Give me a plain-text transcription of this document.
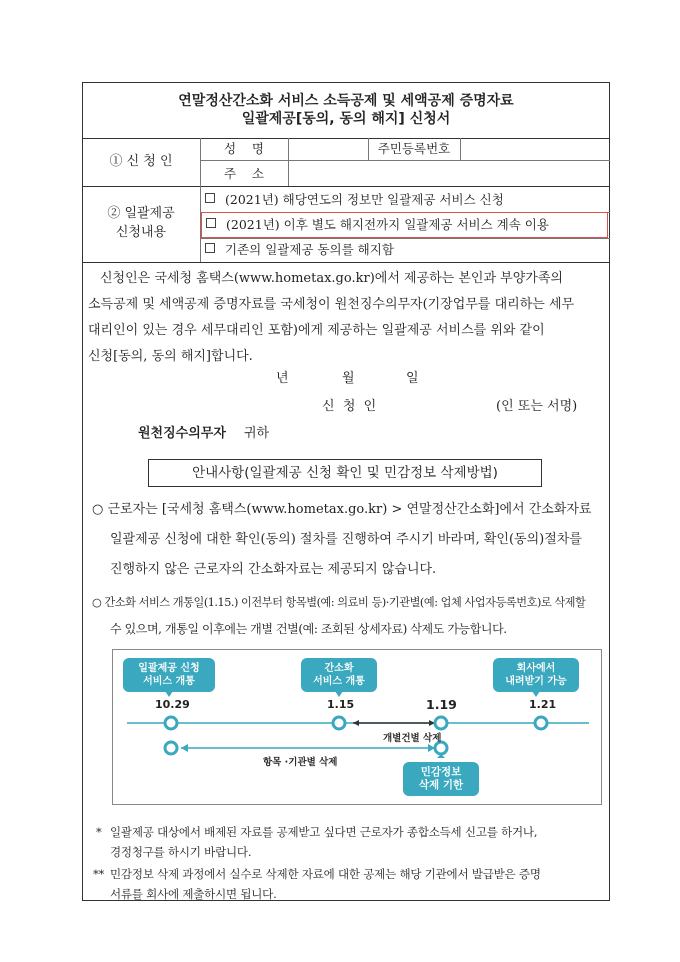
연말정산간소화 서비스 소득공제 및 세액공제 증명자료
일괄제공[동의, 동의 해지] 신청서
① 신 청 인
성    명	주민등록번호
주    소
② 일괄제공
신청내용
(2021년) 해당연도의 정보만 일괄제공 서비스 신청
(2021년) 이후 별도 해지전까지 일괄제공 서비스 계속 이용
기존의 일괄제공 동의를 해지함
신청인은 국세청 홈택스(www.hometax.go.kr)에서 제공하는 본인과 부양가족의
소득공제 및 세액공제 증명자료를 국세청이 원천징수의무자(기장업무를 대리하는 세무
대리인이 있는 경우 세무대리인 포함)에게 제공하는 일괄제공 서비스를 위와 같이
신청[동의, 동의 해지]합니다.
년	월	일
신  청  인	(인 또는 서명)
원천징수의무자 귀하
안내사항(일괄제공 신청 확인 및 민감정보 삭제방법)
○ 근로자는 [국세청 홈택스(www.hometax.go.kr) > 연말정산간소화]에서 간소화자료
일괄제공 신청에 대한 확인(동의) 절차를 진행하여 주시기 바라며, 확인(동의)절차를
진행하지 않은 근로자의 간소화자료는 제공되지 않습니다.
○ 간소화 서비스 개통일(1.15.) 이전부터 항목별(예: 의료비 등)·기관별(예: 업체 사업자등록번호)로 삭제할
수 있으며, 개통일 이후에는 개별 건별(예: 조회된 상세자료) 삭제도 가능합니다.
일괄제공 신청
서비스 개통
간소화
서비스 개통
회사에서
내려받기 가능
10.29	1.15	1.19	1.21
개별건별 삭제
항목 ·기관별 삭제
민감정보
삭제 기한
* 일괄제공 대상에서 배제된 자료를 공제받고 싶다면 근로자가 종합소득세 신고를 하거나,
경정청구를 하시기 바랍니다.
** 민감정보 삭제 과정에서 실수로 삭제한 자료에 대한 공제는 해당 기관에서 발급받은 증명
서류를 회사에 제출하시면 됩니다.
